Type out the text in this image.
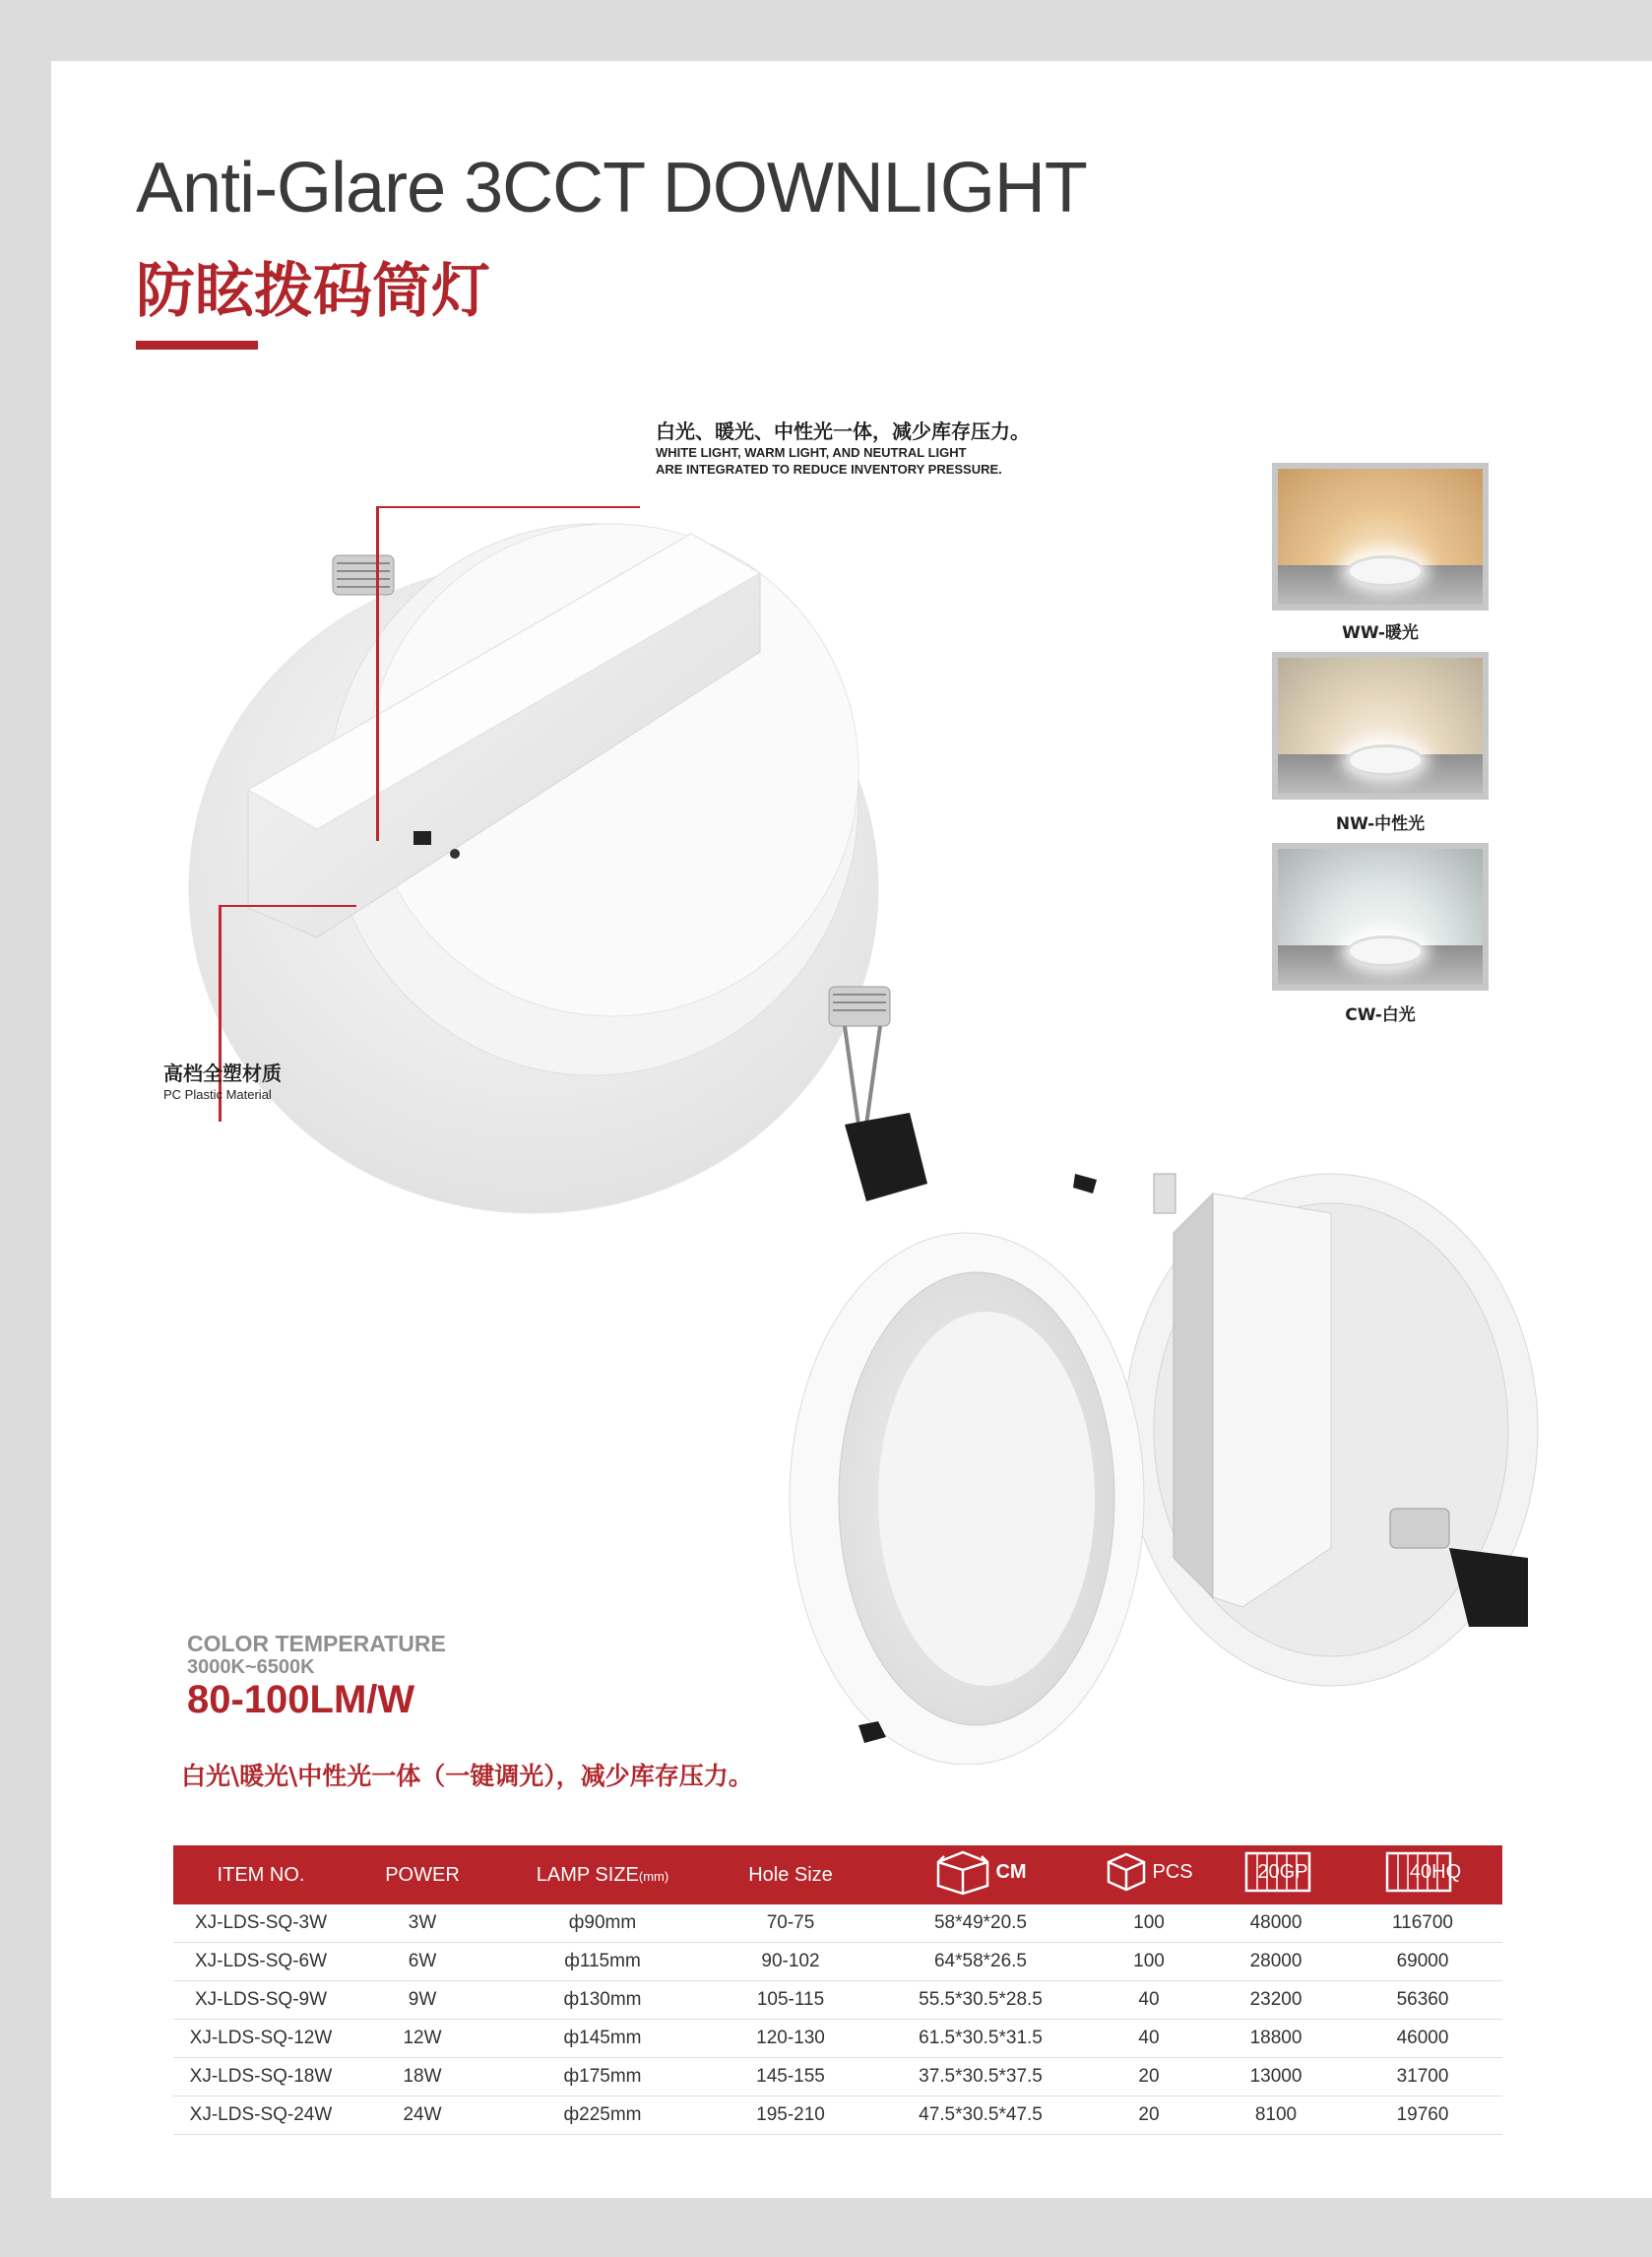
Anti-Glare 3CCT DOWNLIGHT
防眩拨码筒灯
白光、暖光、中性光一体，减少库存压力。
WHITE LIGHT, WARM LIGHT, AND NEUTRAL LIGHT
ARE INTEGRATED TO REDUCE INVENTORY PRESSURE.
高档全塑材质
PC Plastic Material
WW-暖光
NW-中性光
CW-白光
COLOR TEMPERATURE
3000K~6500K
80-100LM/W
白光\暖光\中性光一体（一键调光），减少库存压力。
ITEM NO.	POWER	LAMP SIZE(mm)	Hole Size	CM	PCS	20GP	40HQ

XJ-LDS-SQ-3W	3W	ф90mm	70-75	58*49*20.5	100	48000	116700
XJ-LDS-SQ-6W	6W	ф115mm	90-102	64*58*26.5	100	28000	69000
XJ-LDS-SQ-9W	9W	ф130mm	105-115	55.5*30.5*28.5	40	23200	56360
XJ-LDS-SQ-12W	12W	ф145mm	120-130	61.5*30.5*31.5	40	18800	46000
XJ-LDS-SQ-18W	18W	ф175mm	145-155	37.5*30.5*37.5	20	13000	31700
XJ-LDS-SQ-24W	24W	ф225mm	195-210	47.5*30.5*47.5	20	8100	19760
